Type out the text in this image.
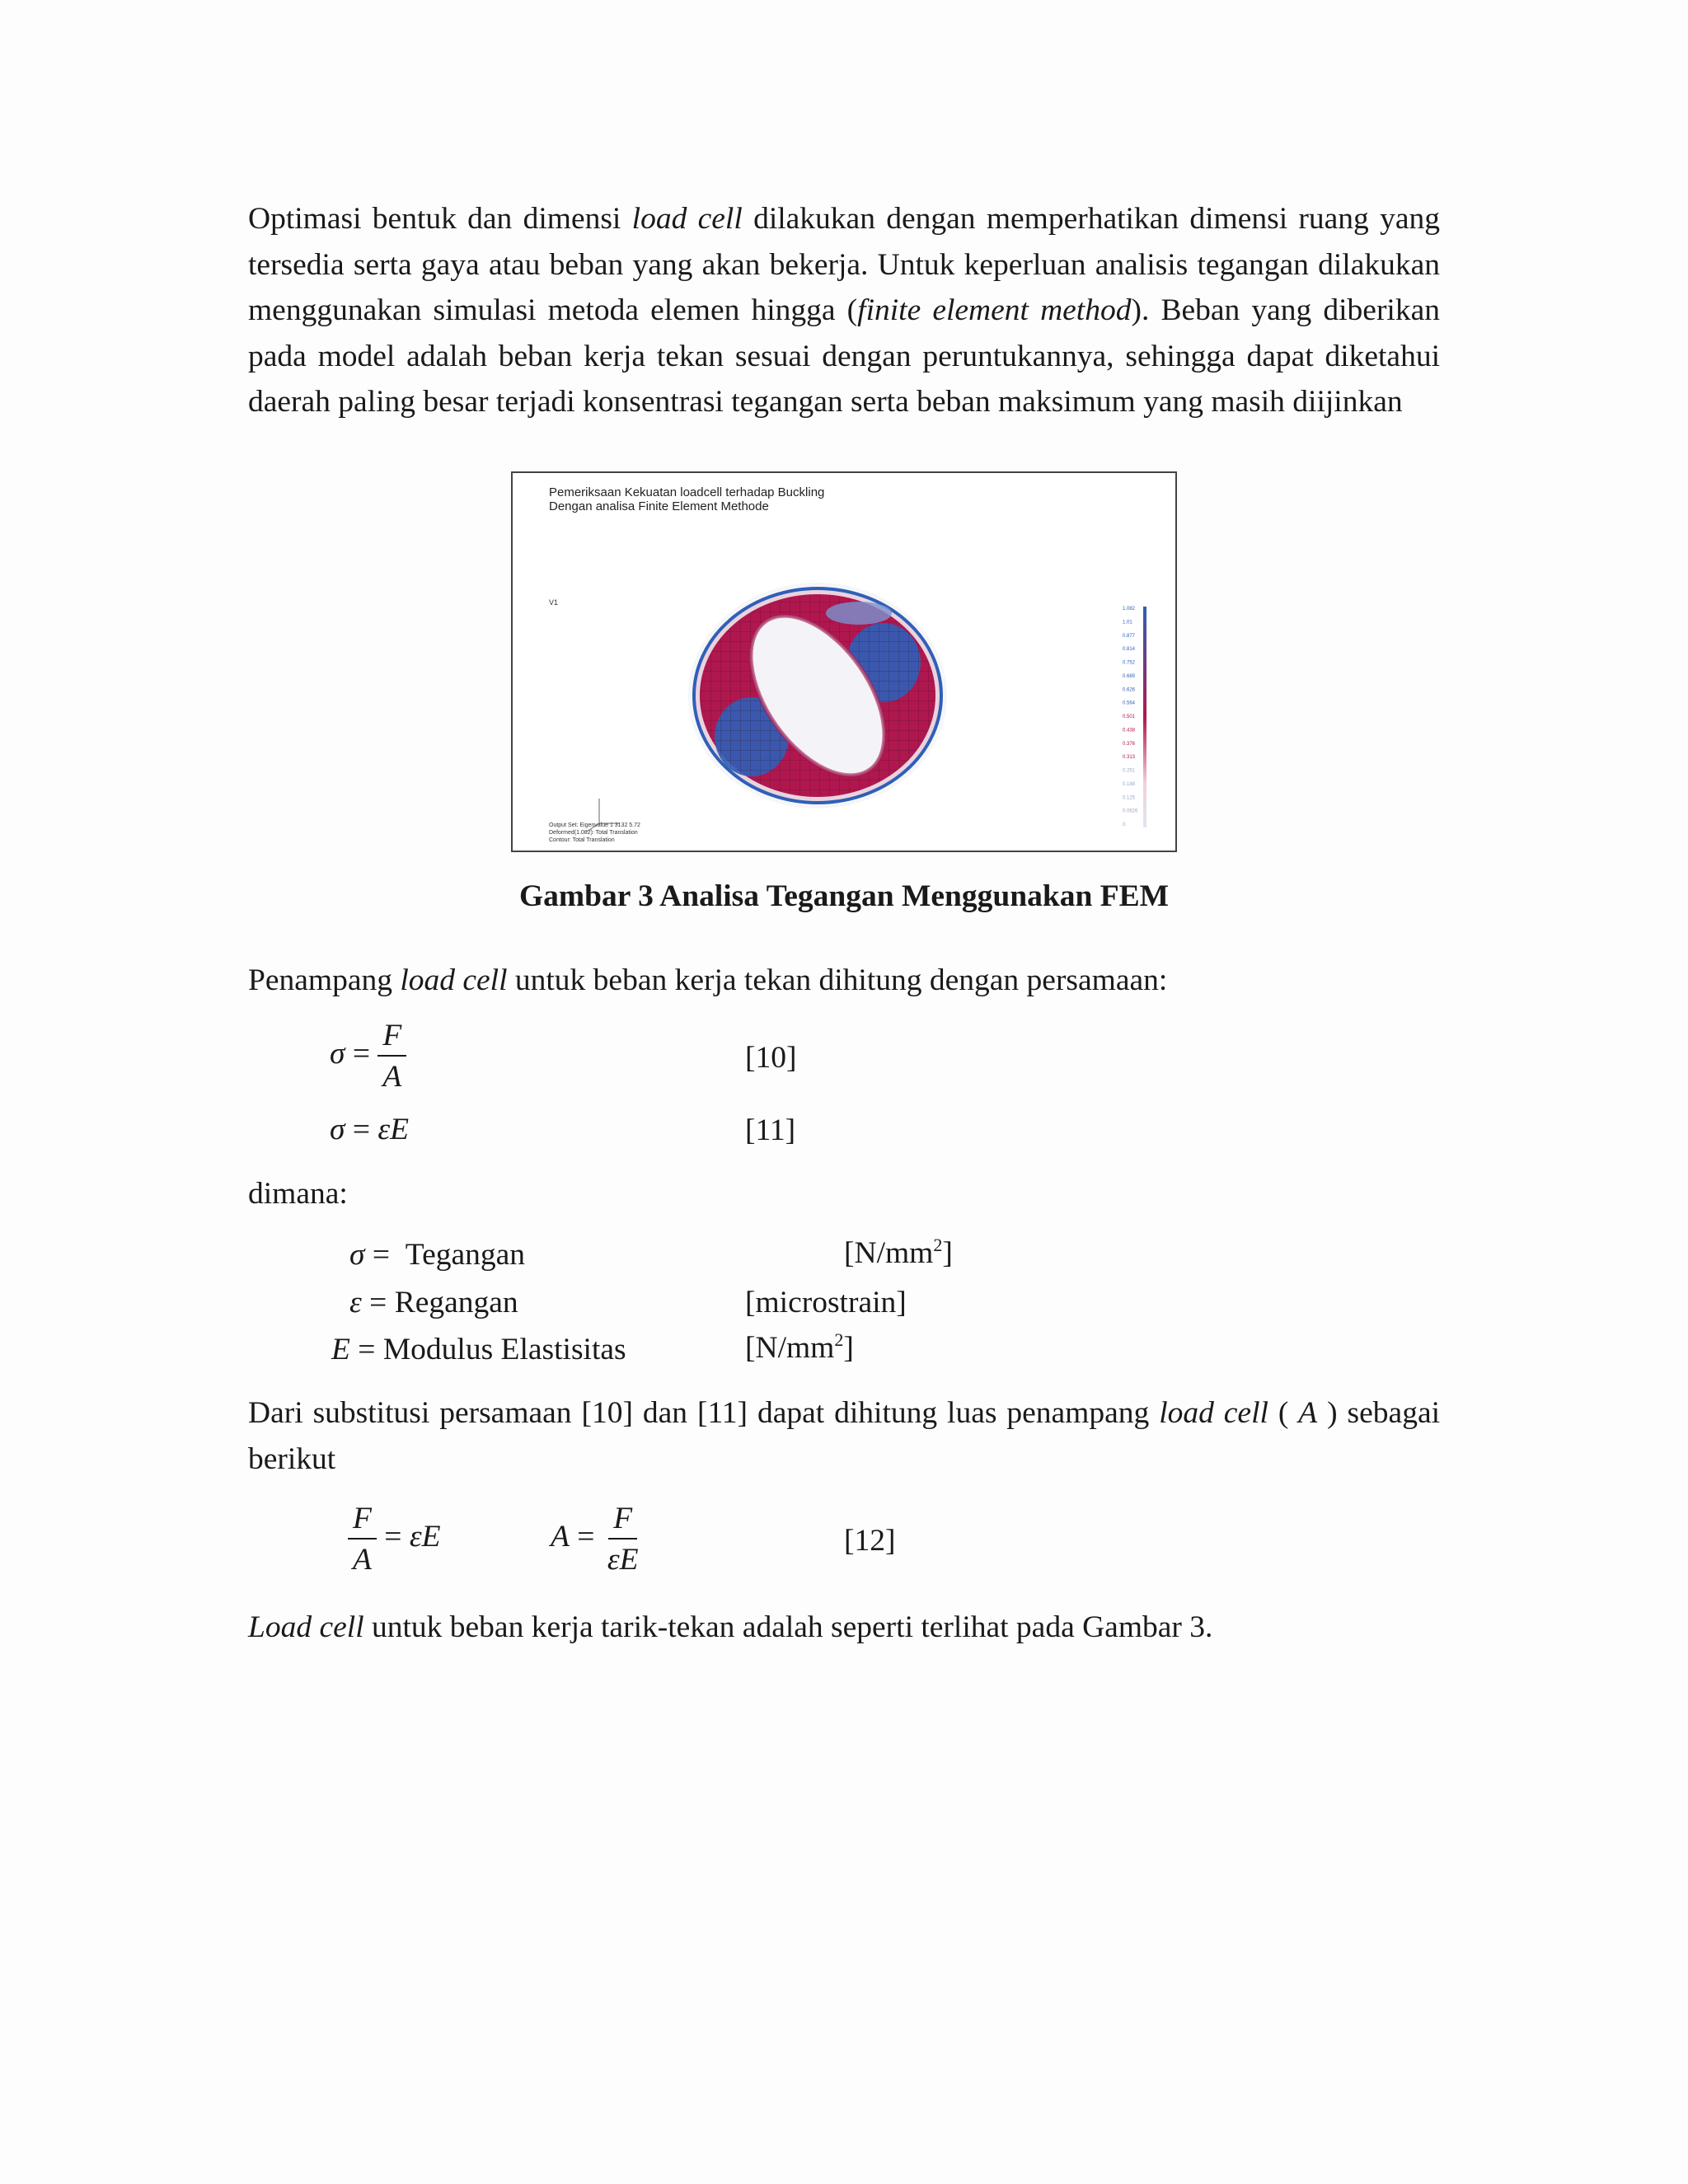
Optimasi bentuk dan dimensi load cell dilakukan dengan memperhatikan dimensi ruang yang tersedia serta gaya atau beban yang akan bekerja. Untuk keperluan analisis tegangan dilakukan menggunakan simulasi metoda elemen hingga (finite element method). Beban yang diberikan pada model adalah beban kerja tekan sesuai dengan peruntukannya, sehingga dapat diketahui daerah paling besar terjadi konsentrasi tegangan serta beban maksimum yang masih diijinkan
Pemeriksaan Kekuatan loadcell terhadap Buckling
Dengan analisa Finite Element Methode
V1
Output Set: Eigenvalue 1 3132 5.72
Deformed(1.082): Total Translation
Contour: Total Translation
1.082
1.01
0.877
0.814
0.752
0.689
0.626
0.564
0.501
0.438
0.376
0.313
0.251
0.188
0.125
0.0626
0.
Gambar 3 Analisa Tegangan Menggunakan FEM
Penampang load cell untuk beban kerja tekan dihitung dengan persamaan:
$\sigma = \frac{F}{A}$	[10]
σ = εE	[11]
dimana:
σ =  Tegangan	$[N/mm^2]$
ε = Regangan	[microstrain]
E = Modulus Elastisitas	$[N/mm^2]$
Dari substitusi persamaan [10] dan [11] dapat dihitung luas penampang load cell ( A ) sebagai berikut
$\frac{F}{A} = \varepsilon E$	$A = \frac{F}{\varepsilon E}$	[12]
Load cell untuk beban kerja tarik-tekan adalah seperti terlihat pada Gambar 3.
